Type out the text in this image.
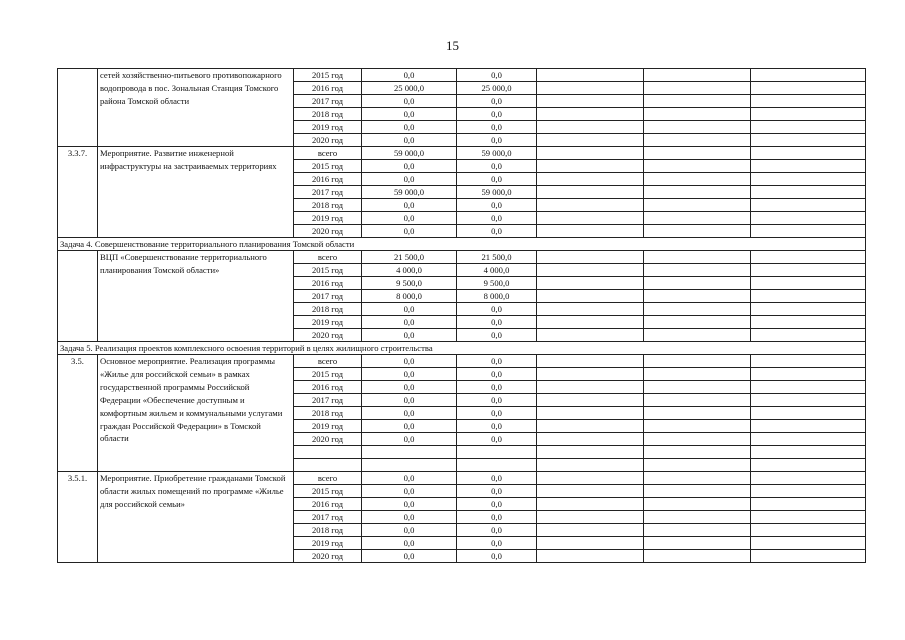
15
	сетей хозяйственно-питьевого противопожарного водопровода в пос. Зональная Станция Томского района Томской области	2015 год	0,0	0,0			
		2016 год	25 000,0	25 000,0			
		2017 год	0,0	0,0			
		2018 год	0,0	0,0			
		2019 год	0,0	0,0			
		2020 год	0,0	0,0			
3.3.7.	Мероприятие. Развитие инженерной инфраструктуры на застраиваемых территориях	всего	59 000,0	59 000,0			
		2015 год	0,0	0,0			
		2016 год	0,0	0,0			
		2017 год	59 000,0	59 000,0			
		2018 год	0,0	0,0			
		2019 год	0,0	0,0			
		2020 год	0,0	0,0			
Задача 4. Совершенствование территориального планирования Томской области							
	ВЦП «Совершенствование территориального планирования Томской области»	всего	21 500,0	21 500,0			
		2015 год	4 000,0	4 000,0			
		2016 год	9 500,0	9 500,0			
		2017 год	8 000,0	8 000,0			
		2018 год	0,0	0,0			
		2019 год	0,0	0,0			
		2020 год	0,0	0,0			
Задача 5. Реализация проектов комплексного освоения территорий в целях жилищного строительства							
3.5.	Основное мероприятие. Реализация программы «Жилье для российской семьи» в рамках государственной программы Российской Федерации «Обеспечение доступным и комфортным жильем и коммунальными услугами граждан Российской Федерации» в Томской области	всего	0,0	0,0			
		2015 год	0,0	0,0			
		2016 год	0,0	0,0			
		2017 год	0,0	0,0			
		2018 год	0,0	0,0			
		2019 год	0,0	0,0			
		2020 год	0,0	0,0			

3.5.1.	Мероприятие. Приобретение гражданами Томской области жилых помещений по программе «Жилье для российской семьи»	всего	0,0	0,0			
		2015 год	0,0	0,0			
		2016 год	0,0	0,0			
		2017 год	0,0	0,0			
		2018 год	0,0	0,0			
		2019 год	0,0	0,0			
		2020 год	0,0	0,0			
